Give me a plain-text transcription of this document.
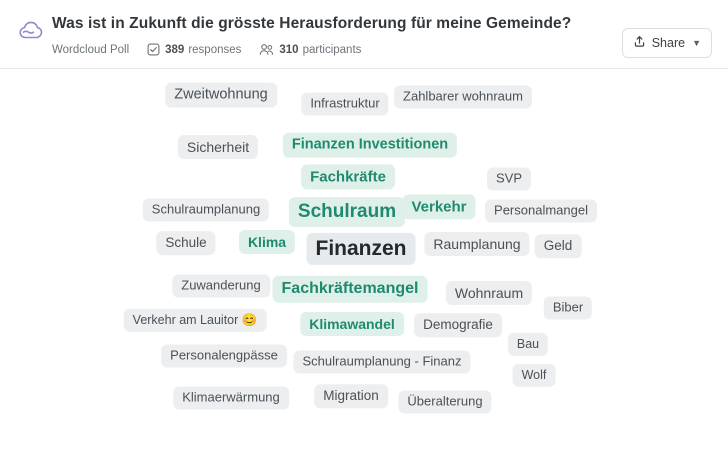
Was ist in Zukunft die grösste Herausforderung für meine Gemeinde?
Wordcloud Poll	389 responses	310 participants	Share ▼
Zweitwohnung
Infrastruktur	Zahlbarer wohnraum
Sicherheit	Finanzen Investitionen
Fachkräfte	SVP
Schulraumplanung	Schulraum	Verkehr	Personalmangel
Schule	Klima	Finanzen	Raumplanung	Geld
Zuwanderung	Fachkräftemangel	Wohnraum
Biber
Verkehr am Lauitor 😊	Klimawandel	Demografie
Bau
Personalengpässe	Schulraumplanung - Finanz
Wolf
Klimaerwärmung	Migration	Überalterung
